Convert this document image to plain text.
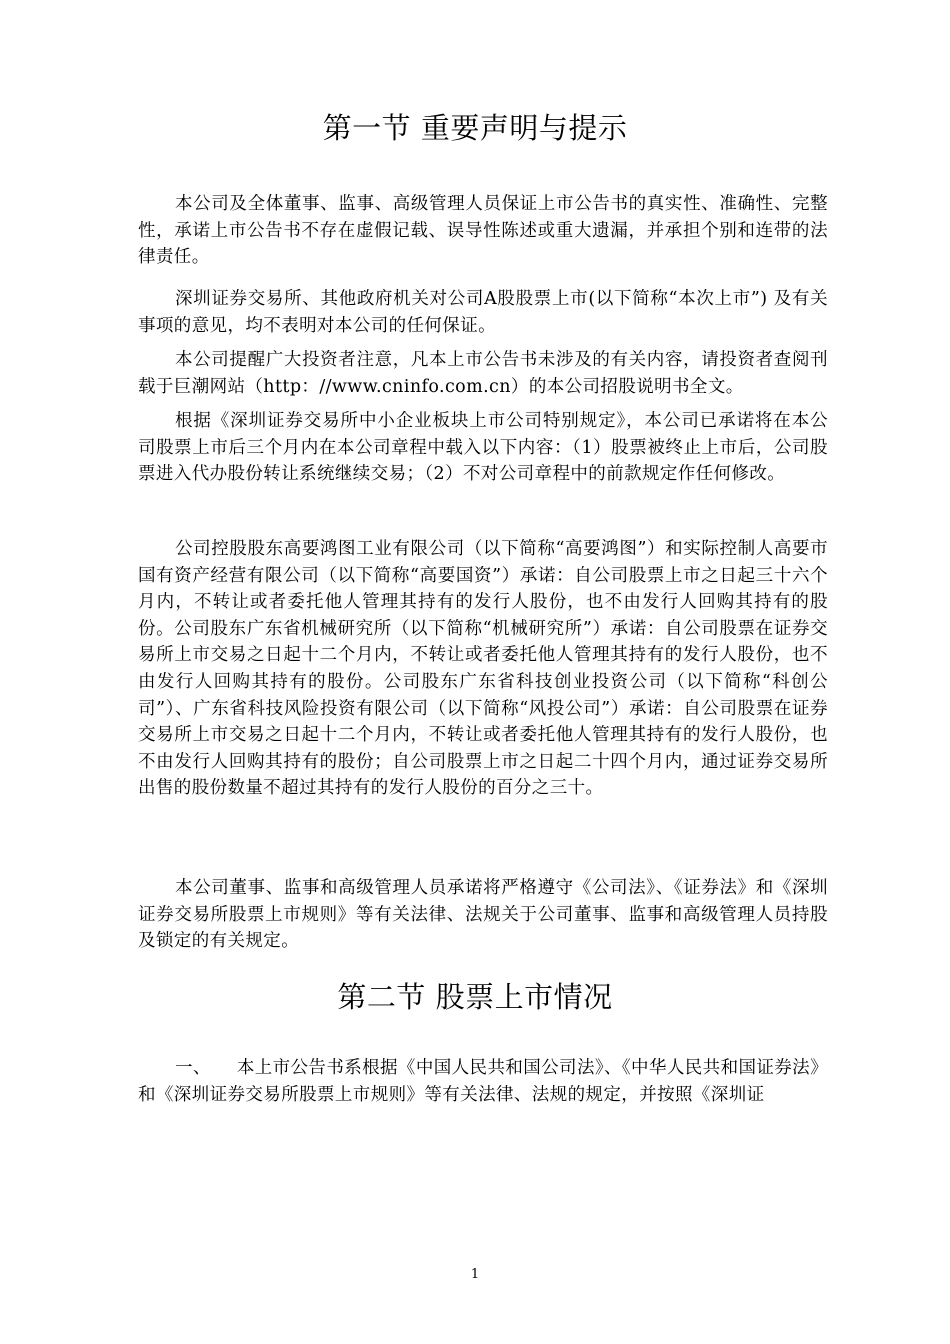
第一节 重要声明与提示

本公司及全体董事、监事、高级管理人员保证上市公告书的真实性、准确性、完整性，承诺上市公告书不存在虚假记载、误导性陈述或重大遗漏，并承担个别和连带的法律责任。

深圳证券交易所、其他政府机关对公司A股股票上市(以下简称“本次上市”) 及有关事项的意见，均不表明对本公司的任何保证。

本公司提醒广大投资者注意，凡本上市公告书未涉及的有关内容，请投资者查阅刊载于巨潮网站（http：//www.cninfo.com.cn）的本公司招股说明书全文。

根据《深圳证券交易所中小企业板块上市公司特别规定》，本公司已承诺将在本公司股票上市后三个月内在本公司章程中载入以下内容：（1）股票被终止上市后，公司股票进入代办股份转让系统继续交易；（2）不对公司章程中的前款规定作任何修改。

公司控股股东高要鸿图工业有限公司（以下简称“高要鸿图”）和实际控制人高要市国有资产经营有限公司（以下简称“高要国资”）承诺：自公司股票上市之日起三十六个月内，不转让或者委托他人管理其持有的发行人股份，也不由发行人回购其持有的股份。公司股东广东省机械研究所（以下简称“机械研究所”）承诺：自公司股票在证券交易所上市交易之日起十二个月内，不转让或者委托他人管理其持有的发行人股份，也不由发行人回购其持有的股份。公司股东广东省科技创业投资公司（以下简称“科创公司”）、广东省科技风险投资有限公司（以下简称“风投公司”）承诺：自公司股票在证券交易所上市交易之日起十二个月内，不转让或者委托他人管理其持有的发行人股份，也不由发行人回购其持有的股份；自公司股票上市之日起二十四个月内，通过证券交易所出售的股份数量不超过其持有的发行人股份的百分之三十。

本公司董事、监事和高级管理人员承诺将严格遵守《公司法》、《证券法》和《深圳证券交易所股票上市规则》等有关法律、法规关于公司董事、监事和高级管理人员持股及锁定的有关规定。

第二节 股票上市情况

一、 本上市公告书系根据《中国人民共和国公司法》、《中华人民共和国证券法》和《深圳证券交易所股票上市规则》等有关法律、法规的规定，并按照《深圳证

1
